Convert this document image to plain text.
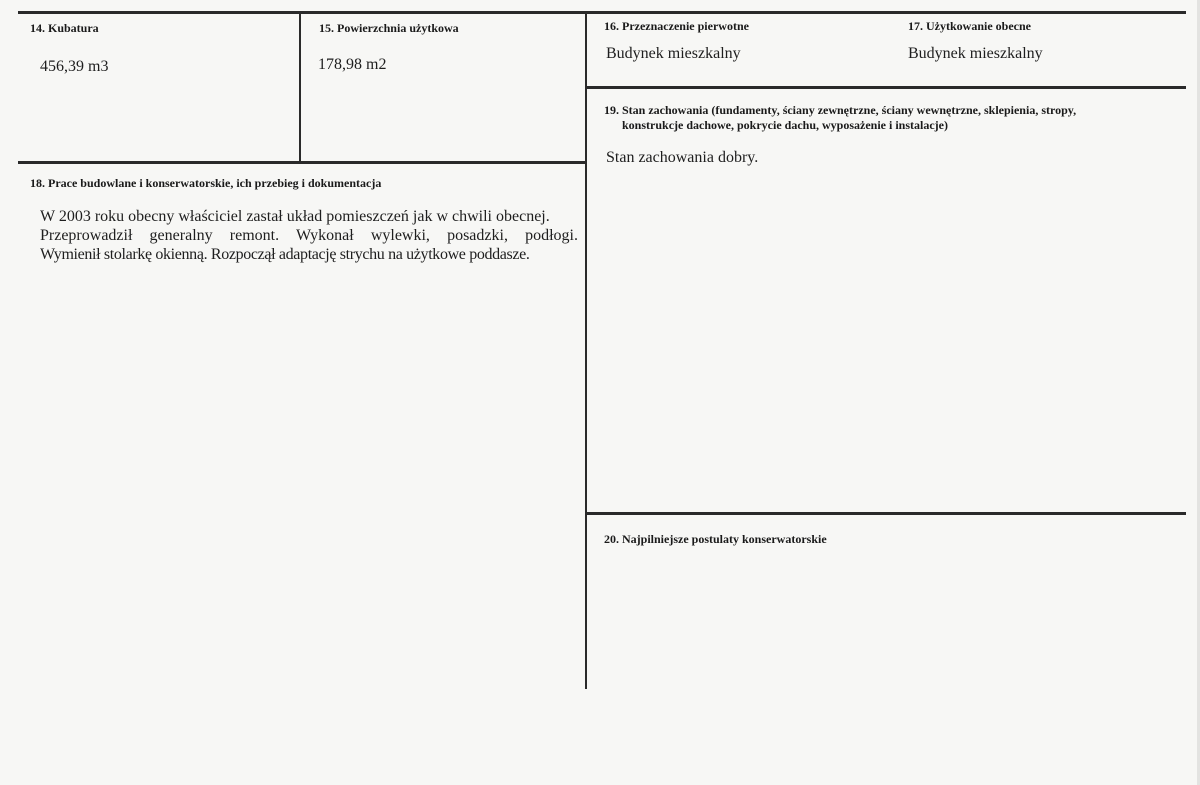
14. Kubatura
456,39 m3
15. Powierzchnia użytkowa
178,98 m2
16. Przeznaczenie pierwotne
Budynek mieszkalny
17. Użytkowanie obecne
Budynek mieszkalny
18. Prace budowlane i konserwatorskie, ich przebieg i dokumentacja
W 2003 roku obecny właściciel zastał układ pomieszczeń jak w chwili obecnej.
Przeprowadził generalny remont. Wykonał wylewki, posadzki, podłogi.
Wymienił stolarkę okienną. Rozpoczął adaptację strychu na użytkowe poddasze.
19. Stan zachowania (fundamenty, ściany zewnętrzne, ściany wewnętrzne, sklepienia, stropy,
konstrukcje dachowe, pokrycie dachu, wyposażenie i instalacje)
Stan zachowania dobry.
20. Najpilniejsze postulaty konserwatorskie
